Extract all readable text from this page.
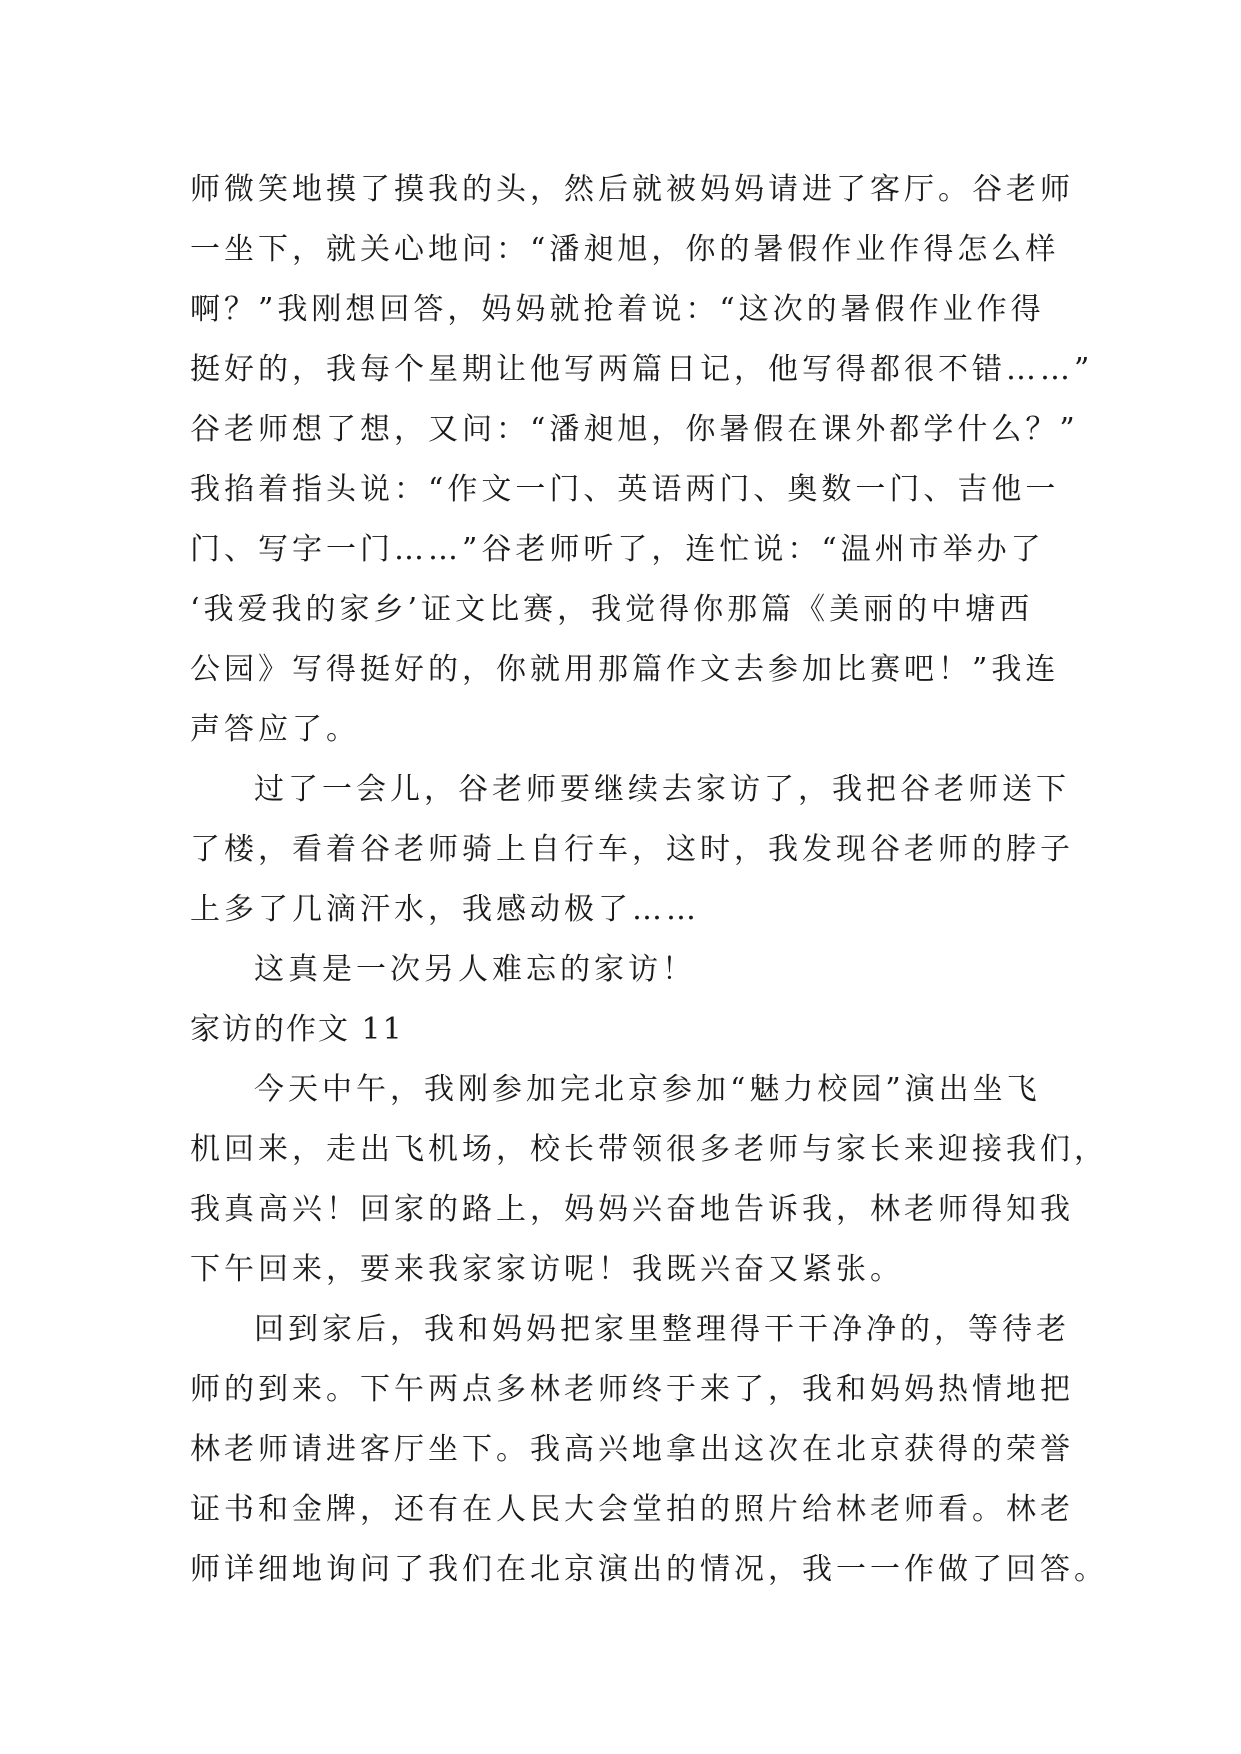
师微笑地摸了摸我的头，然后就被妈妈请进了客厅。谷老师
一坐下，就关心地问：“潘昶旭，你的暑假作业作得怎么样
啊？”我刚想回答，妈妈就抢着说：“这次的暑假作业作得
挺好的，我每个星期让他写两篇日记，他写得都很不错……”
谷老师想了想，又问：“潘昶旭，你暑假在课外都学什么？”
我掐着指头说：“作文一门、英语两门、奥数一门、吉他一
门、写字一门……”谷老师听了，连忙说：“温州市举办了
‘我爱我的家乡’证文比赛，我觉得你那篇《美丽的中塘西
公园》写得挺好的，你就用那篇作文去参加比赛吧！”我连
声答应了。
过了一会儿，谷老师要继续去家访了，我把谷老师送下
了楼，看着谷老师骑上自行车，这时，我发现谷老师的脖子
上多了几滴汗水，我感动极了……
这真是一次另人难忘的家访！
家访的作文 11
今天中午，我刚参加完北京参加“魅力校园”演出坐飞
机回来，走出飞机场，校长带领很多老师与家长来迎接我们，
我真高兴！回家的路上，妈妈兴奋地告诉我，林老师得知我
下午回来，要来我家家访呢！我既兴奋又紧张。
回到家后，我和妈妈把家里整理得干干净净的，等待老
师的到来。下午两点多林老师终于来了，我和妈妈热情地把
林老师请进客厅坐下。我高兴地拿出这次在北京获得的荣誉
证书和金牌，还有在人民大会堂拍的照片给林老师看。林老
师详细地询问了我们在北京演出的情况，我一一作做了回答。
